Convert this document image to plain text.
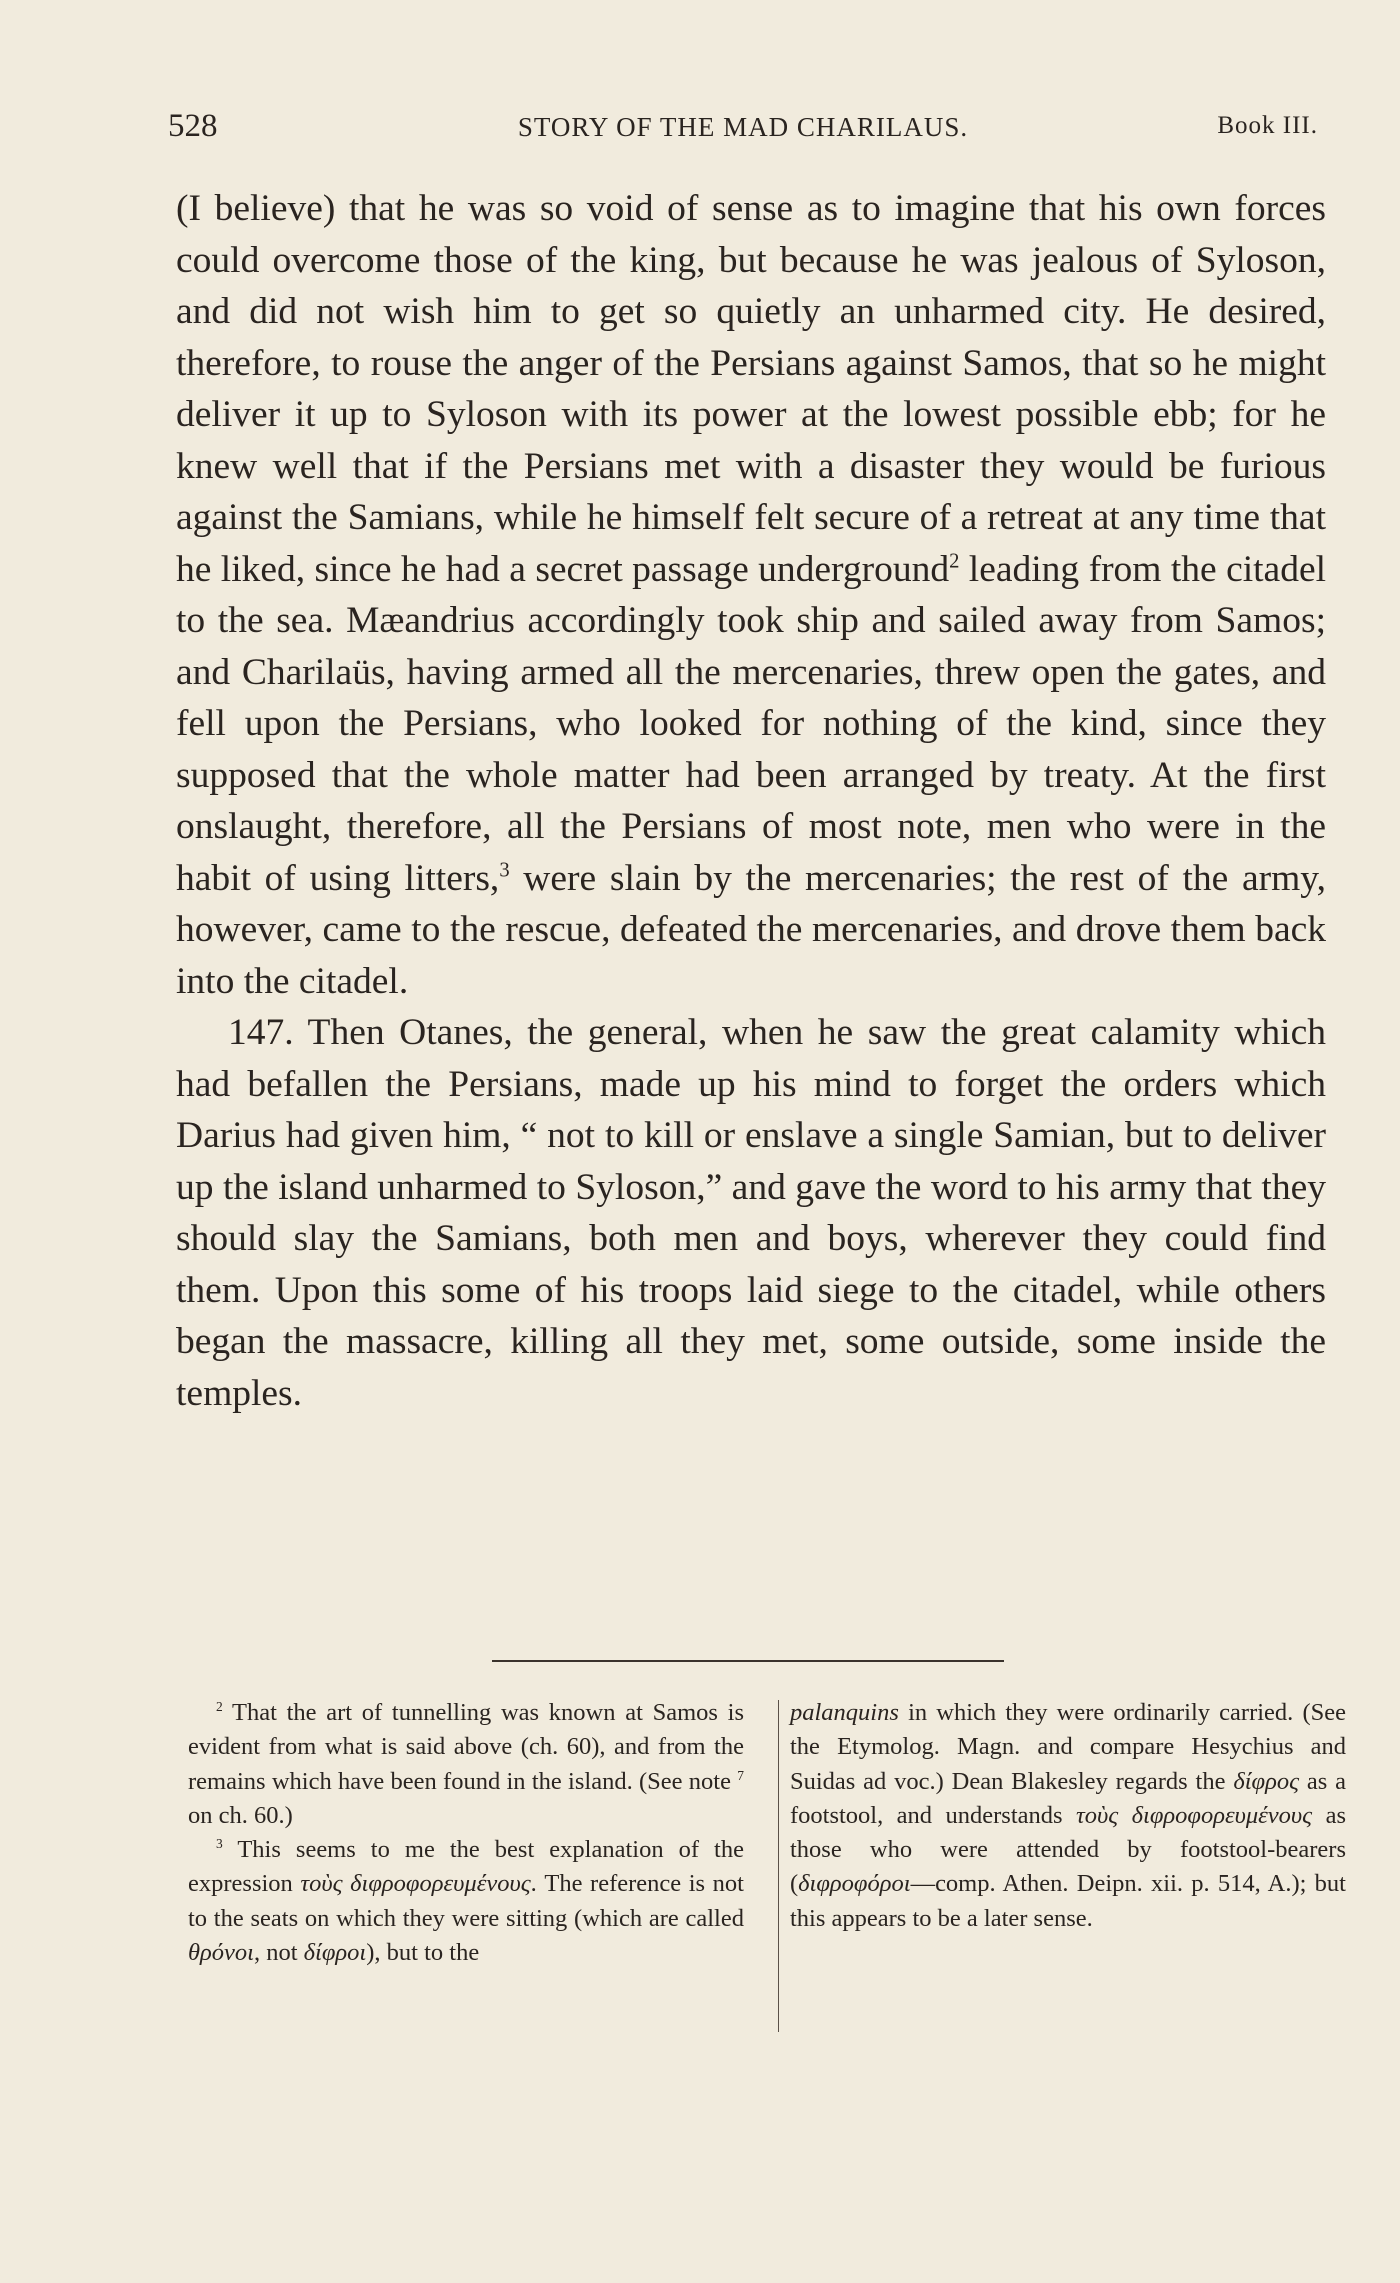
528	STORY OF THE MAD CHARILAUS.	Book III.

(I believe) that he was so void of sense as to imagine that his own forces could overcome those of the king, but because he was jealous of Syloson, and did not wish him to get so quietly an unharmed city. He desired, therefore, to rouse the anger of the Persians against Samos, that so he might deliver it up to Syloson with its power at the lowest possible ebb; for he knew well that if the Persians met with a disaster they would be furious against the Samians, while he himself felt secure of a retreat at any time that he liked, since he had a secret passage underground$^2$ leading from the citadel to the sea. Mæandrius accordingly took ship and sailed away from Samos; and Charilaüs, having armed all the mercenaries, threw open the gates, and fell upon the Persians, who looked for nothing of the kind, since they supposed that the whole matter had been arranged by treaty. At the first onslaught, therefore, all the Persians of most note, men who were in the habit of using litters,$^3$ were slain by the mercenaries; the rest of the army, however, came to the rescue, defeated the mercenaries, and drove them back into the citadel.

147. Then Otanes, the general, when he saw the great calamity which had befallen the Persians, made up his mind to forget the orders which Darius had given him, “ not to kill or enslave a single Samian, but to deliver up the island unharmed to Syloson,” and gave the word to his army that they should slay the Samians, both men and boys, wherever they could find them. Upon this some of his troops laid siege to the citadel, while others began the massacre, killing all they met, some outside, some inside the temples.

$^2$ That the art of tunnelling was known at Samos is evident from what is said above (ch. 60), and from the remains which have been found in the island. (See note $^7$ on ch. 60.)

$^3$ This seems to me the best explanation of the expression τοὺς διφροφορευμένους. The reference is not to the seats on which they were sitting (which are called θρόνοι, not δίφροι), but to the

palanquins in which they were ordinarily carried. (See the Etymolog. Magn. and compare Hesychius and Suidas ad voc.) Dean Blakesley regards the δίφρος as a footstool, and understands τοὺς διφροφορευμένους as those who were attended by footstool-bearers (διφροφόροι—comp. Athen. Deipn. xii. p. 514, A.); but this appears to be a later sense.
